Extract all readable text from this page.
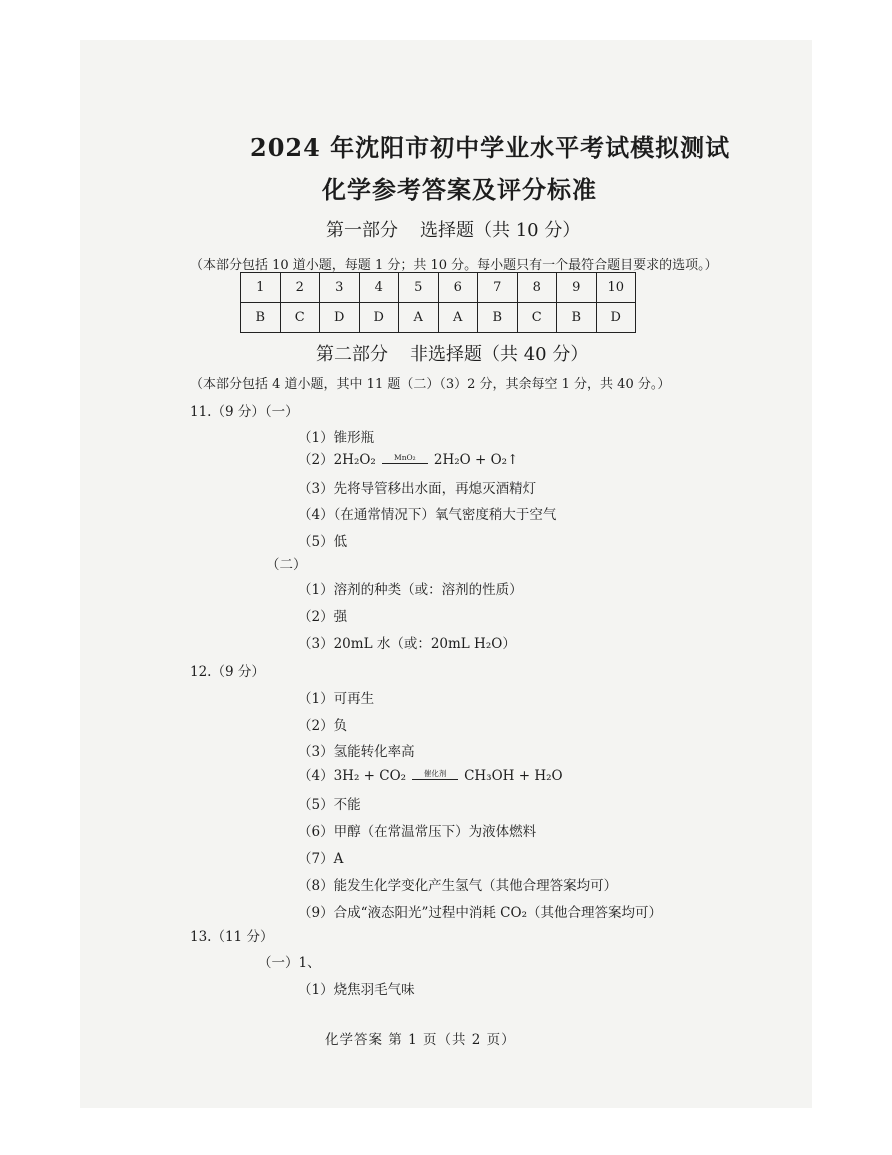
2024 年沈阳市初中学业水平考试模拟测试
化学参考答案及评分标准
第一部分 选择题（共 10 分）
（本部分包括 10 道小题，每题 1 分；共 10 分。每小题只有一个最符合题目要求的选项。）
1	2	3	4	5	6	7	8	9	10
B	C	D	D	A	A	B	C	B	D
第二部分 非选择题（共 40 分）
（本部分包括 4 道小题，其中 11 题（二）（3）2 分，其余每空 1 分，共 40 分。）
11.（9 分）（一）
（1）锥形瓶
（2） 2H₂O₂ MnO₂ 2H₂O + O₂↑
（3）先将导管移出水面，再熄灭酒精灯
（4）（在通常情况下）氧气密度稍大于空气
（5）低
（二）
（1）溶剂的种类（或：溶剂的性质）
（2）强
（3）20mL 水（或：20mL H₂O）
12.（9 分）
（1）可再生
（2）负
（3）氢能转化率高
（4） 3H₂ + CO₂ 催化剂 CH₃OH + H₂O
（5）不能
（6）甲醇（在常温常压下）为液体燃料
（7）A
（8）能发生化学变化产生氢气（其他合理答案均可）
（9）合成“液态阳光”过程中消耗 CO₂（其他合理答案均可）
13.（11 分）
（一）1、
（1）烧焦羽毛气味
化学答案 第 1 页（共 2 页）
